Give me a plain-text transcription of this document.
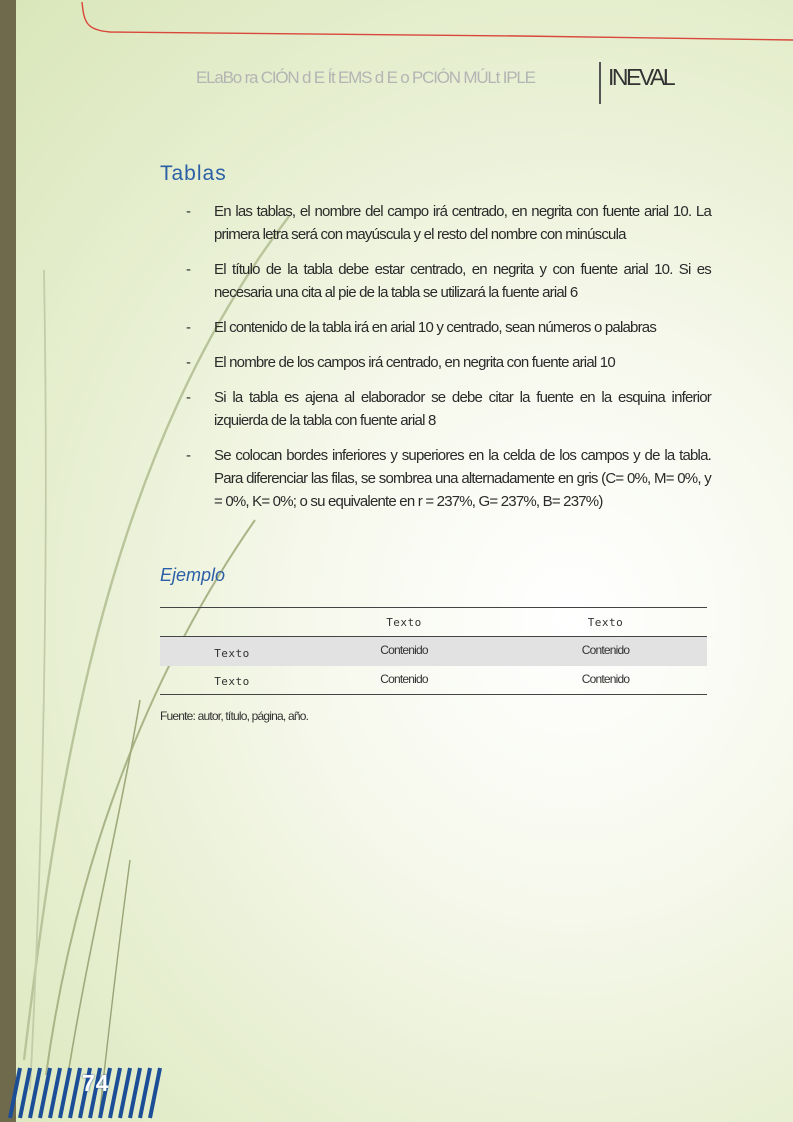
ELaBo ra CIÓN d E Ít EMS d E o PCIÓN MÚLt IPLE	INEVAL
Tablas
- En las tablas, el nombre del campo irá centrado, en negrita con fuente arial 10. La primera letra será con mayúscula y el resto del nombre con minúscula
- El título de la tabla debe estar centrado, en negrita y con fuente arial 10. Si es necesaria una cita al pie de la tabla se utilizará la fuente arial 6
- El contenido de la tabla irá en arial 10 y centrado, sean números o palabras
- El nombre de los campos irá centrado, en negrita con fuente arial 10
- Si la tabla es ajena al elaborador se debe citar la fuente en la esquina inferior izquierda de la tabla con fuente arial 8
- Se colocan bordes inferiores y superiores en la celda de los campos y de la tabla. Para diferenciar las filas, se sombrea una alternadamente en gris (C= 0%, M= 0%, y = 0%, K= 0%; o su equivalente en r = 237%, G= 237%, B= 237%)
Ejemplo
	Texto	Texto
Texto	Contenido	Contenido
Texto	Contenido	Contenido
Fuente: autor, título, página, año.
74
